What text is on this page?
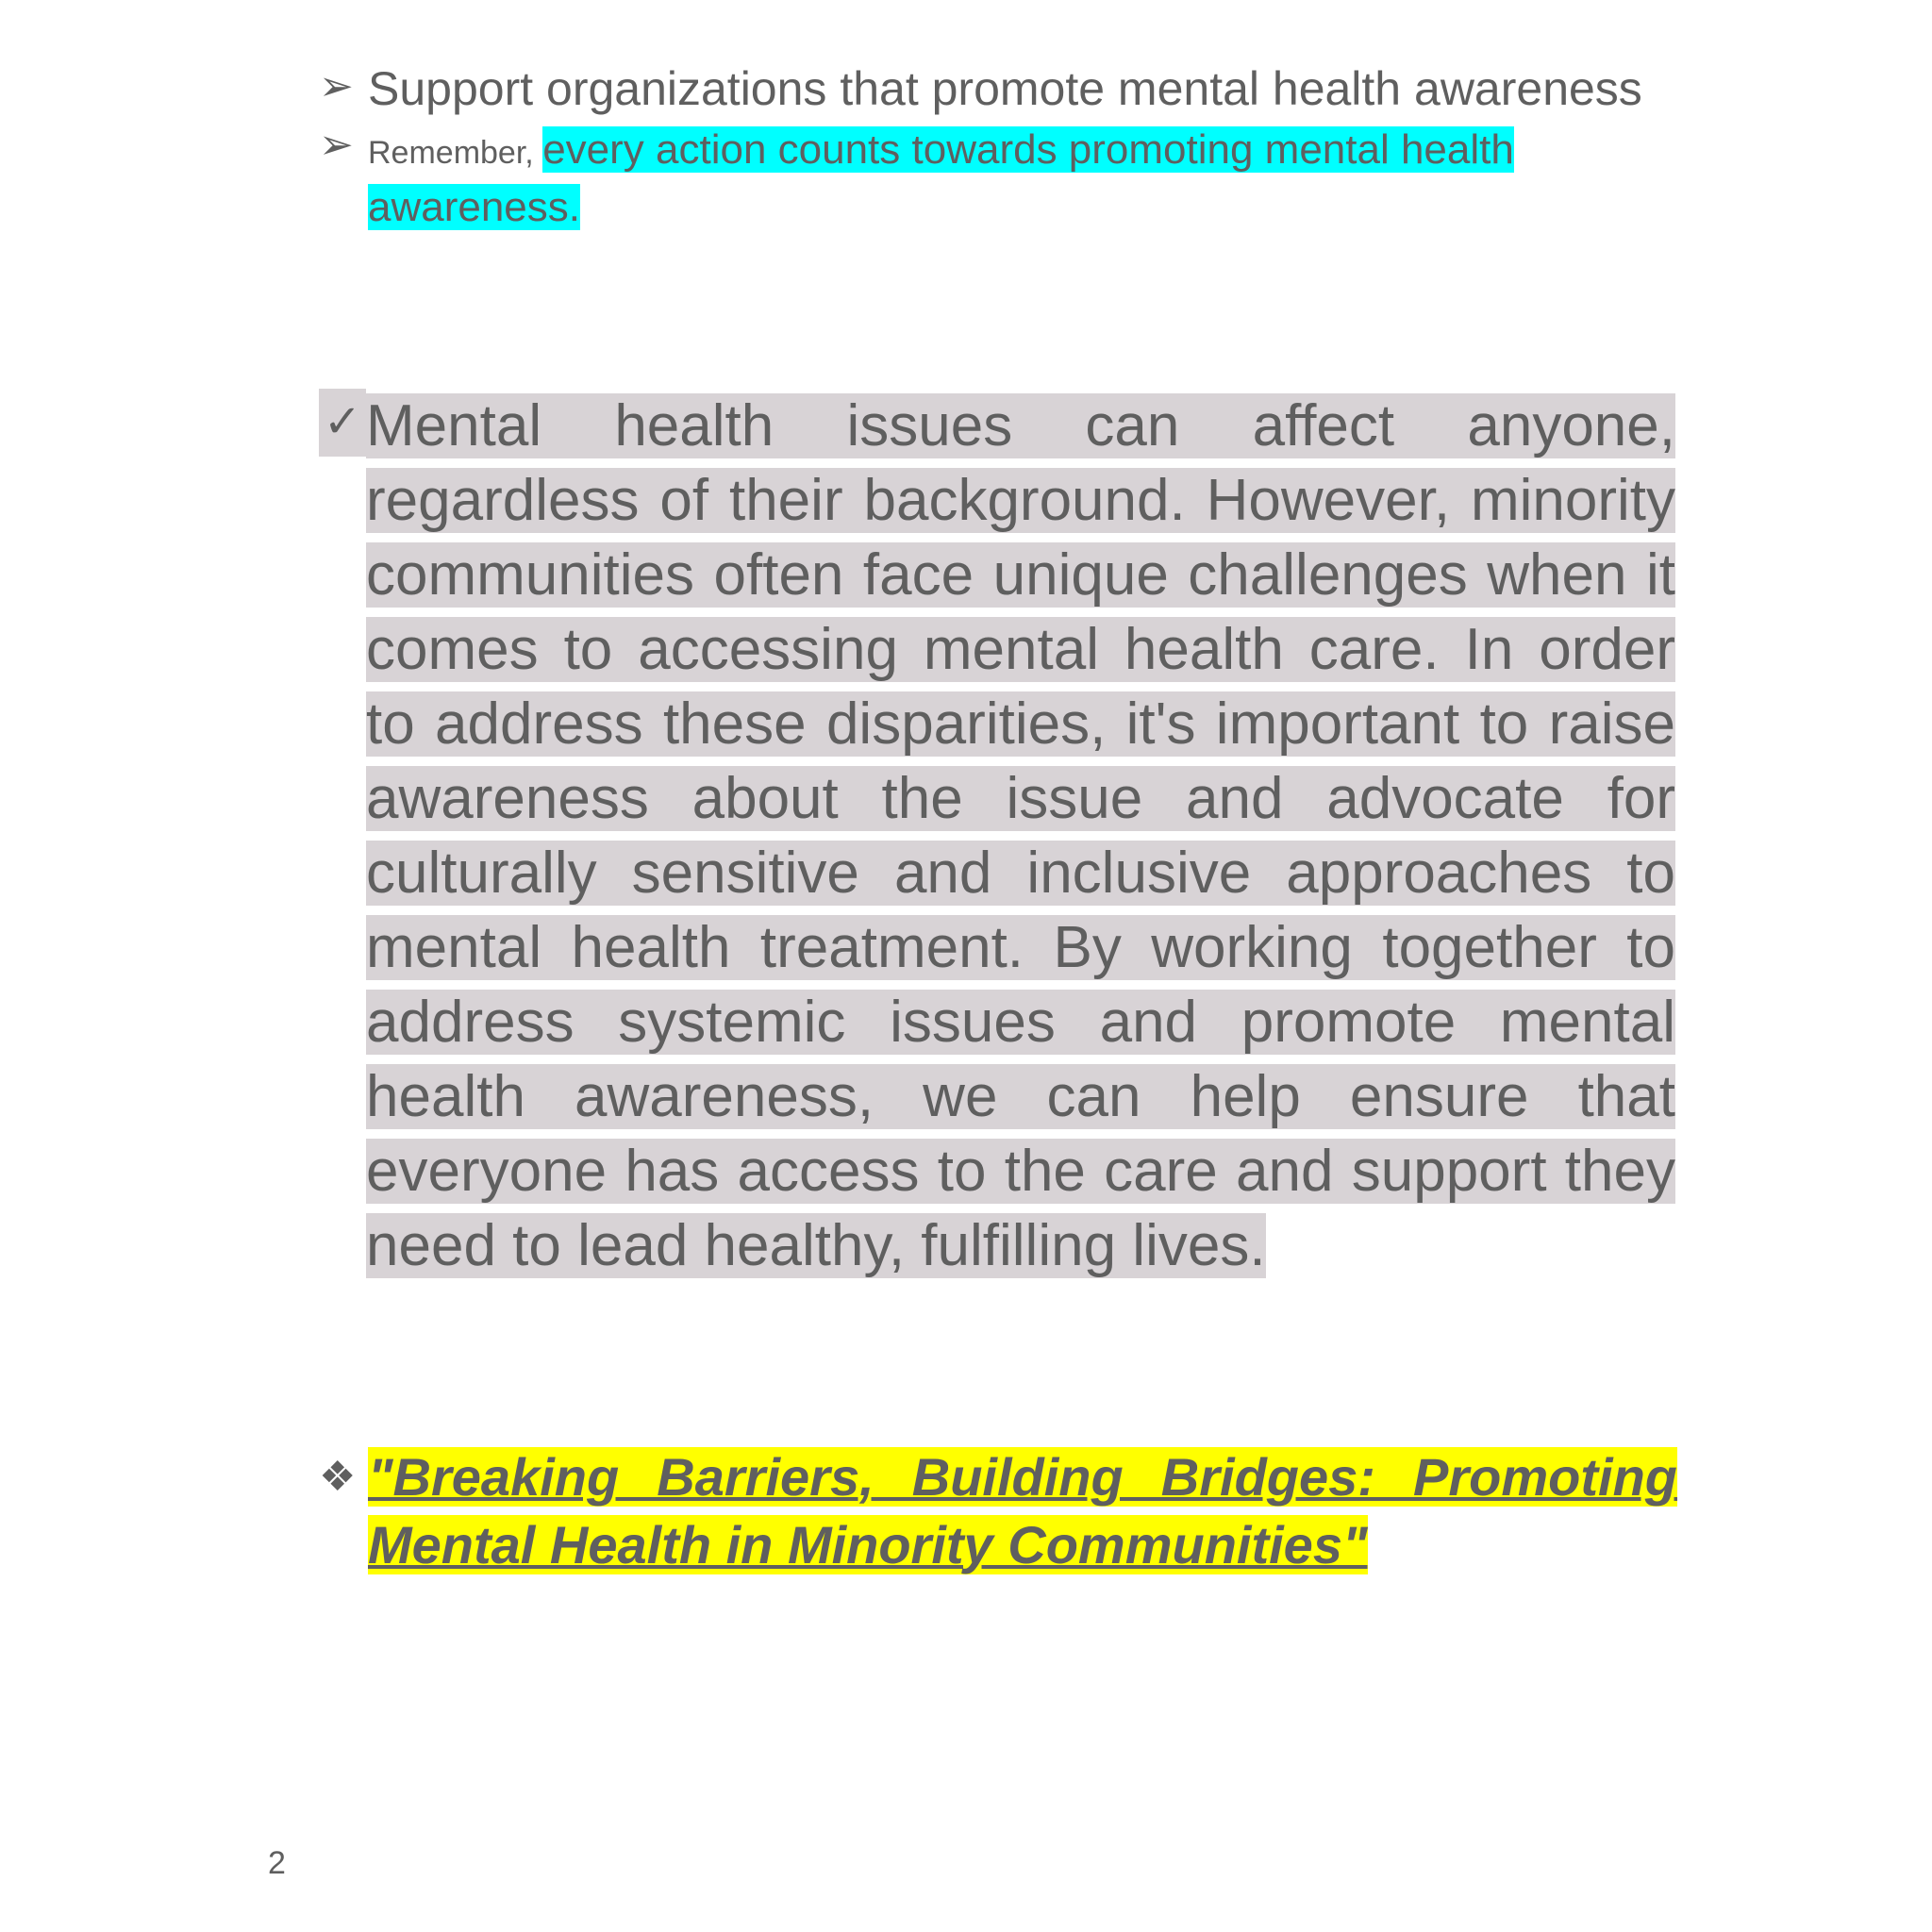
➢ Support organizations that promote mental health awareness
➢ Remember, every action counts towards promoting mental health awareness.
✓ Mental health issues can affect anyone, regardless of their background. However, minority communities often face unique challenges when it comes to accessing mental health care. In order to address these disparities, it's important to raise awareness about the issue and advocate for culturally sensitive and inclusive approaches to mental health treatment. By working together to address systemic issues and promote mental health awareness, we can help ensure that everyone has access to the care and support they need to lead healthy, fulfilling lives.
❖ "Breaking Barriers, Building Bridges: Promoting Mental Health in Minority Communities"
2
